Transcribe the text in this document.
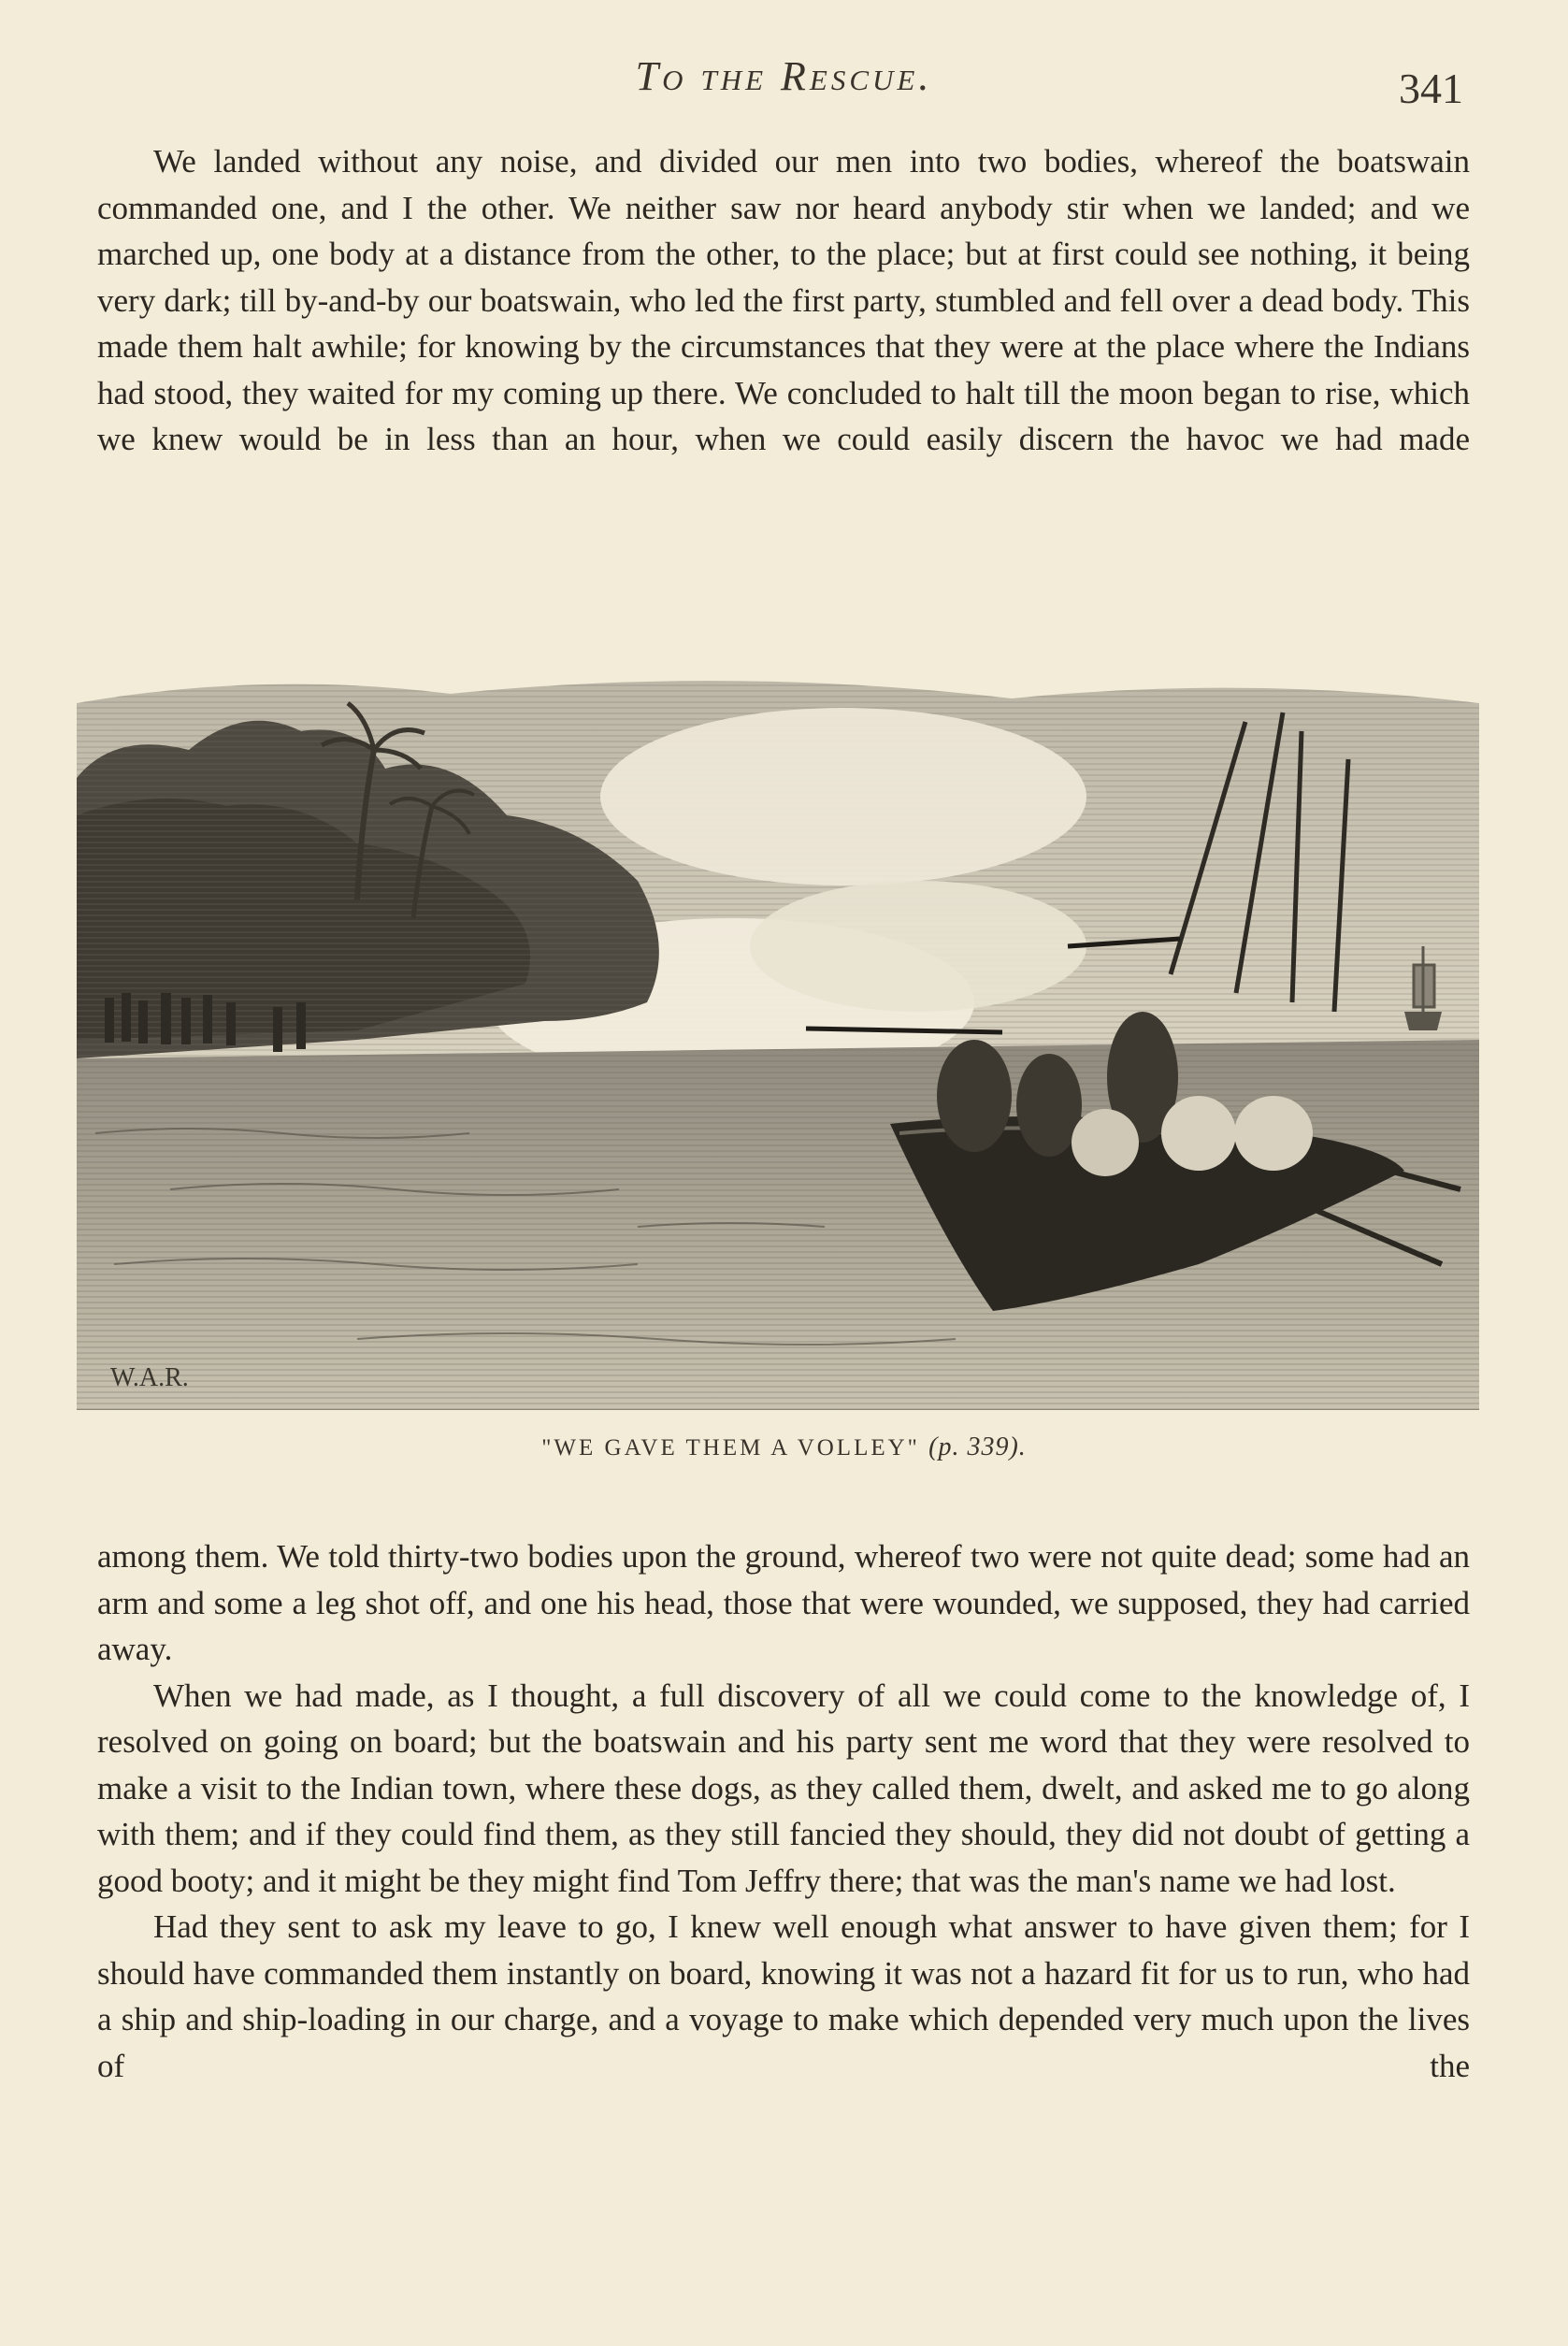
To the Rescue.	341

We landed without any noise, and divided our men into two bodies, whereof the boatswain commanded one, and I the other. We neither saw nor heard anybody stir when we landed; and we marched up, one body at a distance from the other, to the place; but at first could see nothing, it being very dark; till by-and-by our boatswain, who led the first party, stumbled and fell over a dead body. This made them halt awhile; for knowing by the circumstances that they were at the place where the Indians had stood, they waited for my coming up there. We concluded to halt till the moon began to rise, which we knew would be in less than an hour, when we could easily discern the havoc we had made

W.A.R.
"WE GAVE THEM A VOLLEY" (p. 339).

among them. We told thirty-two bodies upon the ground, whereof two were not quite dead; some had an arm and some a leg shot off, and one his head, those that were wounded, we supposed, they had carried away.

When we had made, as I thought, a full discovery of all we could come to the knowledge of, I resolved on going on board; but the boatswain and his party sent me word that they were resolved to make a visit to the Indian town, where these dogs, as they called them, dwelt, and asked me to go along with them; and if they could find them, as they still fancied they should, they did not doubt of getting a good booty; and it might be they might find Tom Jeffry there; that was the man's name we had lost.

Had they sent to ask my leave to go, I knew well enough what answer to have given them; for I should have commanded them instantly on board, knowing it was not a hazard fit for us to run, who had a ship and ship-loading in our charge, and a voyage to make which depended very much upon the lives of the
